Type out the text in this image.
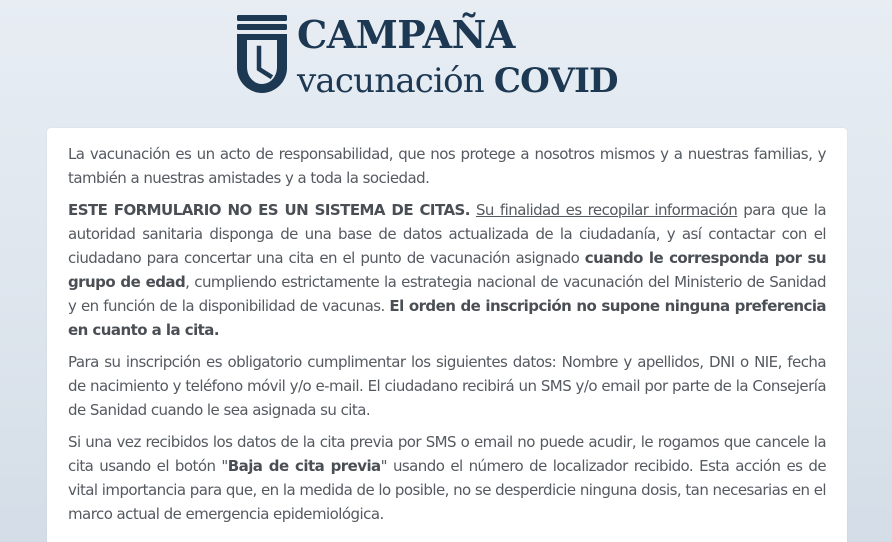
CAMPAÑA
vacunación COVID

La vacunación es un acto de responsabilidad, que nos protege a nosotros mismos y a nuestras familias, y también a nuestras amistades y a toda la sociedad.

ESTE FORMULARIO NO ES UN SISTEMA DE CITAS. Su finalidad es recopilar información para que la autoridad sanitaria disponga de una base de datos actualizada de la ciudadanía, y así contactar con el ciudadano para concertar una cita en el punto de vacunación asignado cuando le corresponda por su grupo de edad, cumpliendo estrictamente la estrategia nacional de vacunación del Ministerio de Sanidad y en función de la disponibilidad de vacunas. El orden de inscripción no supone ninguna preferencia en cuanto a la cita.

Para su inscripción es obligatorio cumplimentar los siguientes datos: Nombre y apellidos, DNI o NIE, fecha de nacimiento y teléfono móvil y/o e-mail. El ciudadano recibirá un SMS y/o email por parte de la Consejería de Sanidad cuando le sea asignada su cita.

Si una vez recibidos los datos de la cita previa por SMS o email no puede acudir, le rogamos que cancele la cita usando el botón "Baja de cita previa" usando el número de localizador recibido. Esta acción es de vital importancia para que, en la medida de lo posible, no se desperdicie ninguna dosis, tan necesarias en el marco actual de emergencia epidemiológica.
